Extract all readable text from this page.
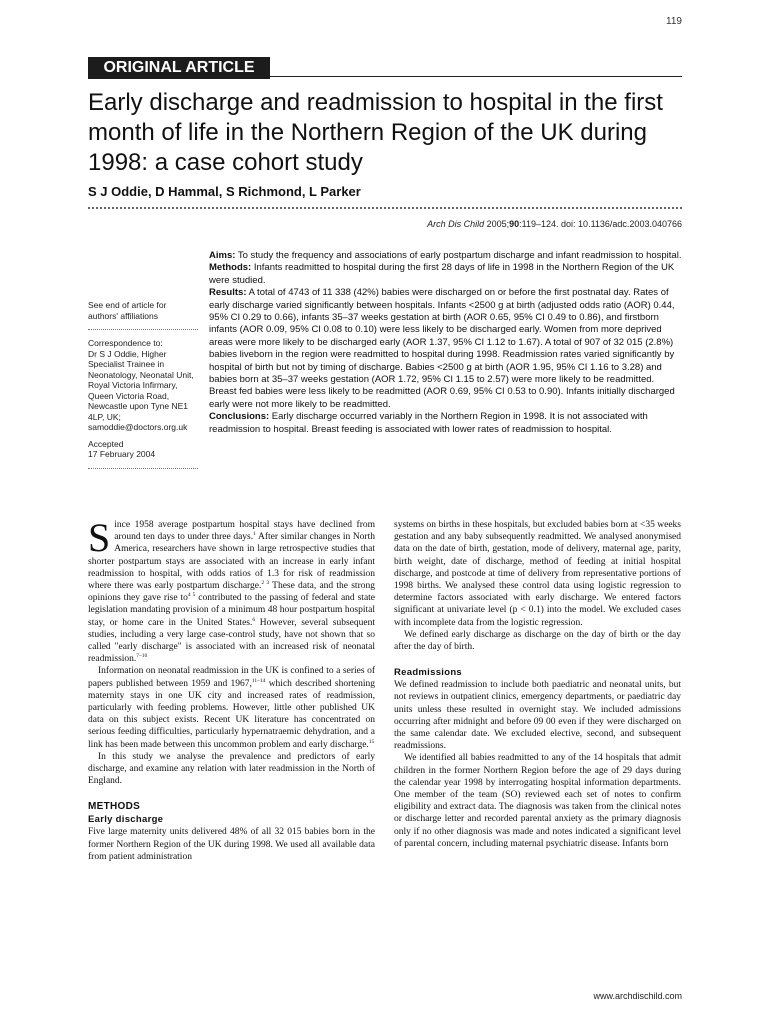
119
ORIGINAL ARTICLE
Early discharge and readmission to hospital in the first month of life in the Northern Region of the UK during 1998: a case cohort study

S J Oddie, D Hammal, S Richmond, L Parker

Arch Dis Child 2005;90:119–124. doi: 10.1136/adc.2003.040766

See end of article for authors' affiliations

Correspondence to:

Dr S J Oddie, Higher Specialist Trainee in Neonatology, Neonatal Unit, Royal Victoria Infirmary, Queen Victoria Road, Newcastle upon Tyne NE1 4LP, UK;

samoddie@doctors.org.uk

Accepted

17 February 2004

Aims: To study the frequency and associations of early postpartum discharge and infant readmission to hospital.

Methods: Infants readmitted to hospital during the first 28 days of life in 1998 in the Northern Region of the UK were studied.

Results: A total of 4743 of 11 338 (42%) babies were discharged on or before the first postnatal day. Rates of early discharge varied significantly between hospitals. Infants <2500 g at birth (adjusted odds ratio (AOR) 0.44, 95% CI 0.29 to 0.66), infants 35–37 weeks gestation at birth (AOR 0.65, 95% CI 0.49 to 0.86), and firstborn infants (AOR 0.09, 95% CI 0.08 to 0.10) were less likely to be discharged early. Women from more deprived areas were more likely to be discharged early (AOR 1.37, 95% CI 1.12 to 1.67). A total of 907 of 32 015 (2.8%) babies liveborn in the region were readmitted to hospital during 1998. Readmission rates varied significantly by hospital of birth but not by timing of discharge. Babies <2500 g at birth (AOR 1.95, 95% CI 1.16 to 3.28) and babies born at 35–37 weeks gestation (AOR 1.72, 95% CI 1.15 to 2.57) were more likely to be readmitted. Breast fed babies were less likely to be readmitted (AOR 0.69, 95% CI 0.53 to 0.90). Infants initially discharged early were not more likely to be readmitted.

Conclusions: Early discharge occurred variably in the Northern Region in 1998. It is not associated with readmission to hospital. Breast feeding is associated with lower rates of readmission to hospital.

Since 1958 average postpartum hospital stays have declined from around ten days to under three days.$^1$ After similar changes in North America, researchers have shown in large retrospective studies that shorter postpartum stays are associated with an increase in early infant readmission to hospital, with odds ratios of 1.3 for risk of readmission where there was early postpartum discharge.$^{2 3}$ These data, and the strong opinions they gave rise $to^{4 5}$ contributed to the passing of federal and state legislation mandating provision of a minimum 48 hour postpartum hospital stay, or home care in the United States.$^6$ However, several subsequent studies, including a very large case-control study, have not shown that so called "early discharge" is associated with an increased risk of neonatal readmission.$^{7-10}$

Information on neonatal readmission in the UK is confined to a series of papers published between 1959 and 1967,$^{11-14}$ which described shortening maternity stays in one UK city and increased rates of readmission, particularly with feeding problems. However, little other published UK data on this subject exists. Recent UK literature has concentrated on serious feeding difficulties, particularly hypernatraemic dehydration, and a link has been made between this uncommon problem and early discharge.$^{15}$

In this study we analyse the prevalence and predictors of early discharge, and examine any relation with later readmission in the North of England.

METHODS
Early discharge

Five large maternity units delivered 48% of all 32 015 babies born in the former Northern Region of the UK during 1998. We used all available data from patient administration

systems on births in these hospitals, but excluded babies born at <35 weeks gestation and any baby subsequently readmitted. We analysed anonymised data on the date of birth, gestation, mode of delivery, maternal age, parity, birth weight, date of discharge, method of feeding at initial hospital discharge, and postcode at time of delivery from representative portions of 1998 births. We analysed these control data using logistic regression to determine factors associated with early discharge. We entered factors significant at univariate level (p < 0.1) into the model. We excluded cases with incomplete data from the logistic regression.

We defined early discharge as discharge on the day of birth or the day after the day of birth.

Readmissions

We defined readmission to include both paediatric and neonatal units, but not reviews in outpatient clinics, emergency departments, or paediatric day units unless these resulted in overnight stay. We included admissions occurring after midnight and before 09 00 even if they were discharged on the same calendar date. We excluded elective, second, and subsequent readmissions.

We identified all babies readmitted to any of the 14 hospitals that admit children in the former Northern Region before the age of 29 days during the calendar year 1998 by interrogating hospital information departments. One member of the team (SO) reviewed each set of notes to confirm eligibility and extract data. The diagnosis was taken from the clinical notes or discharge letter and recorded parental anxiety as the primary diagnosis only if no other diagnosis was made and notes indicated a significant level of parental concern, including maternal psychiatric disease. Infants born

www.archdischild.com
